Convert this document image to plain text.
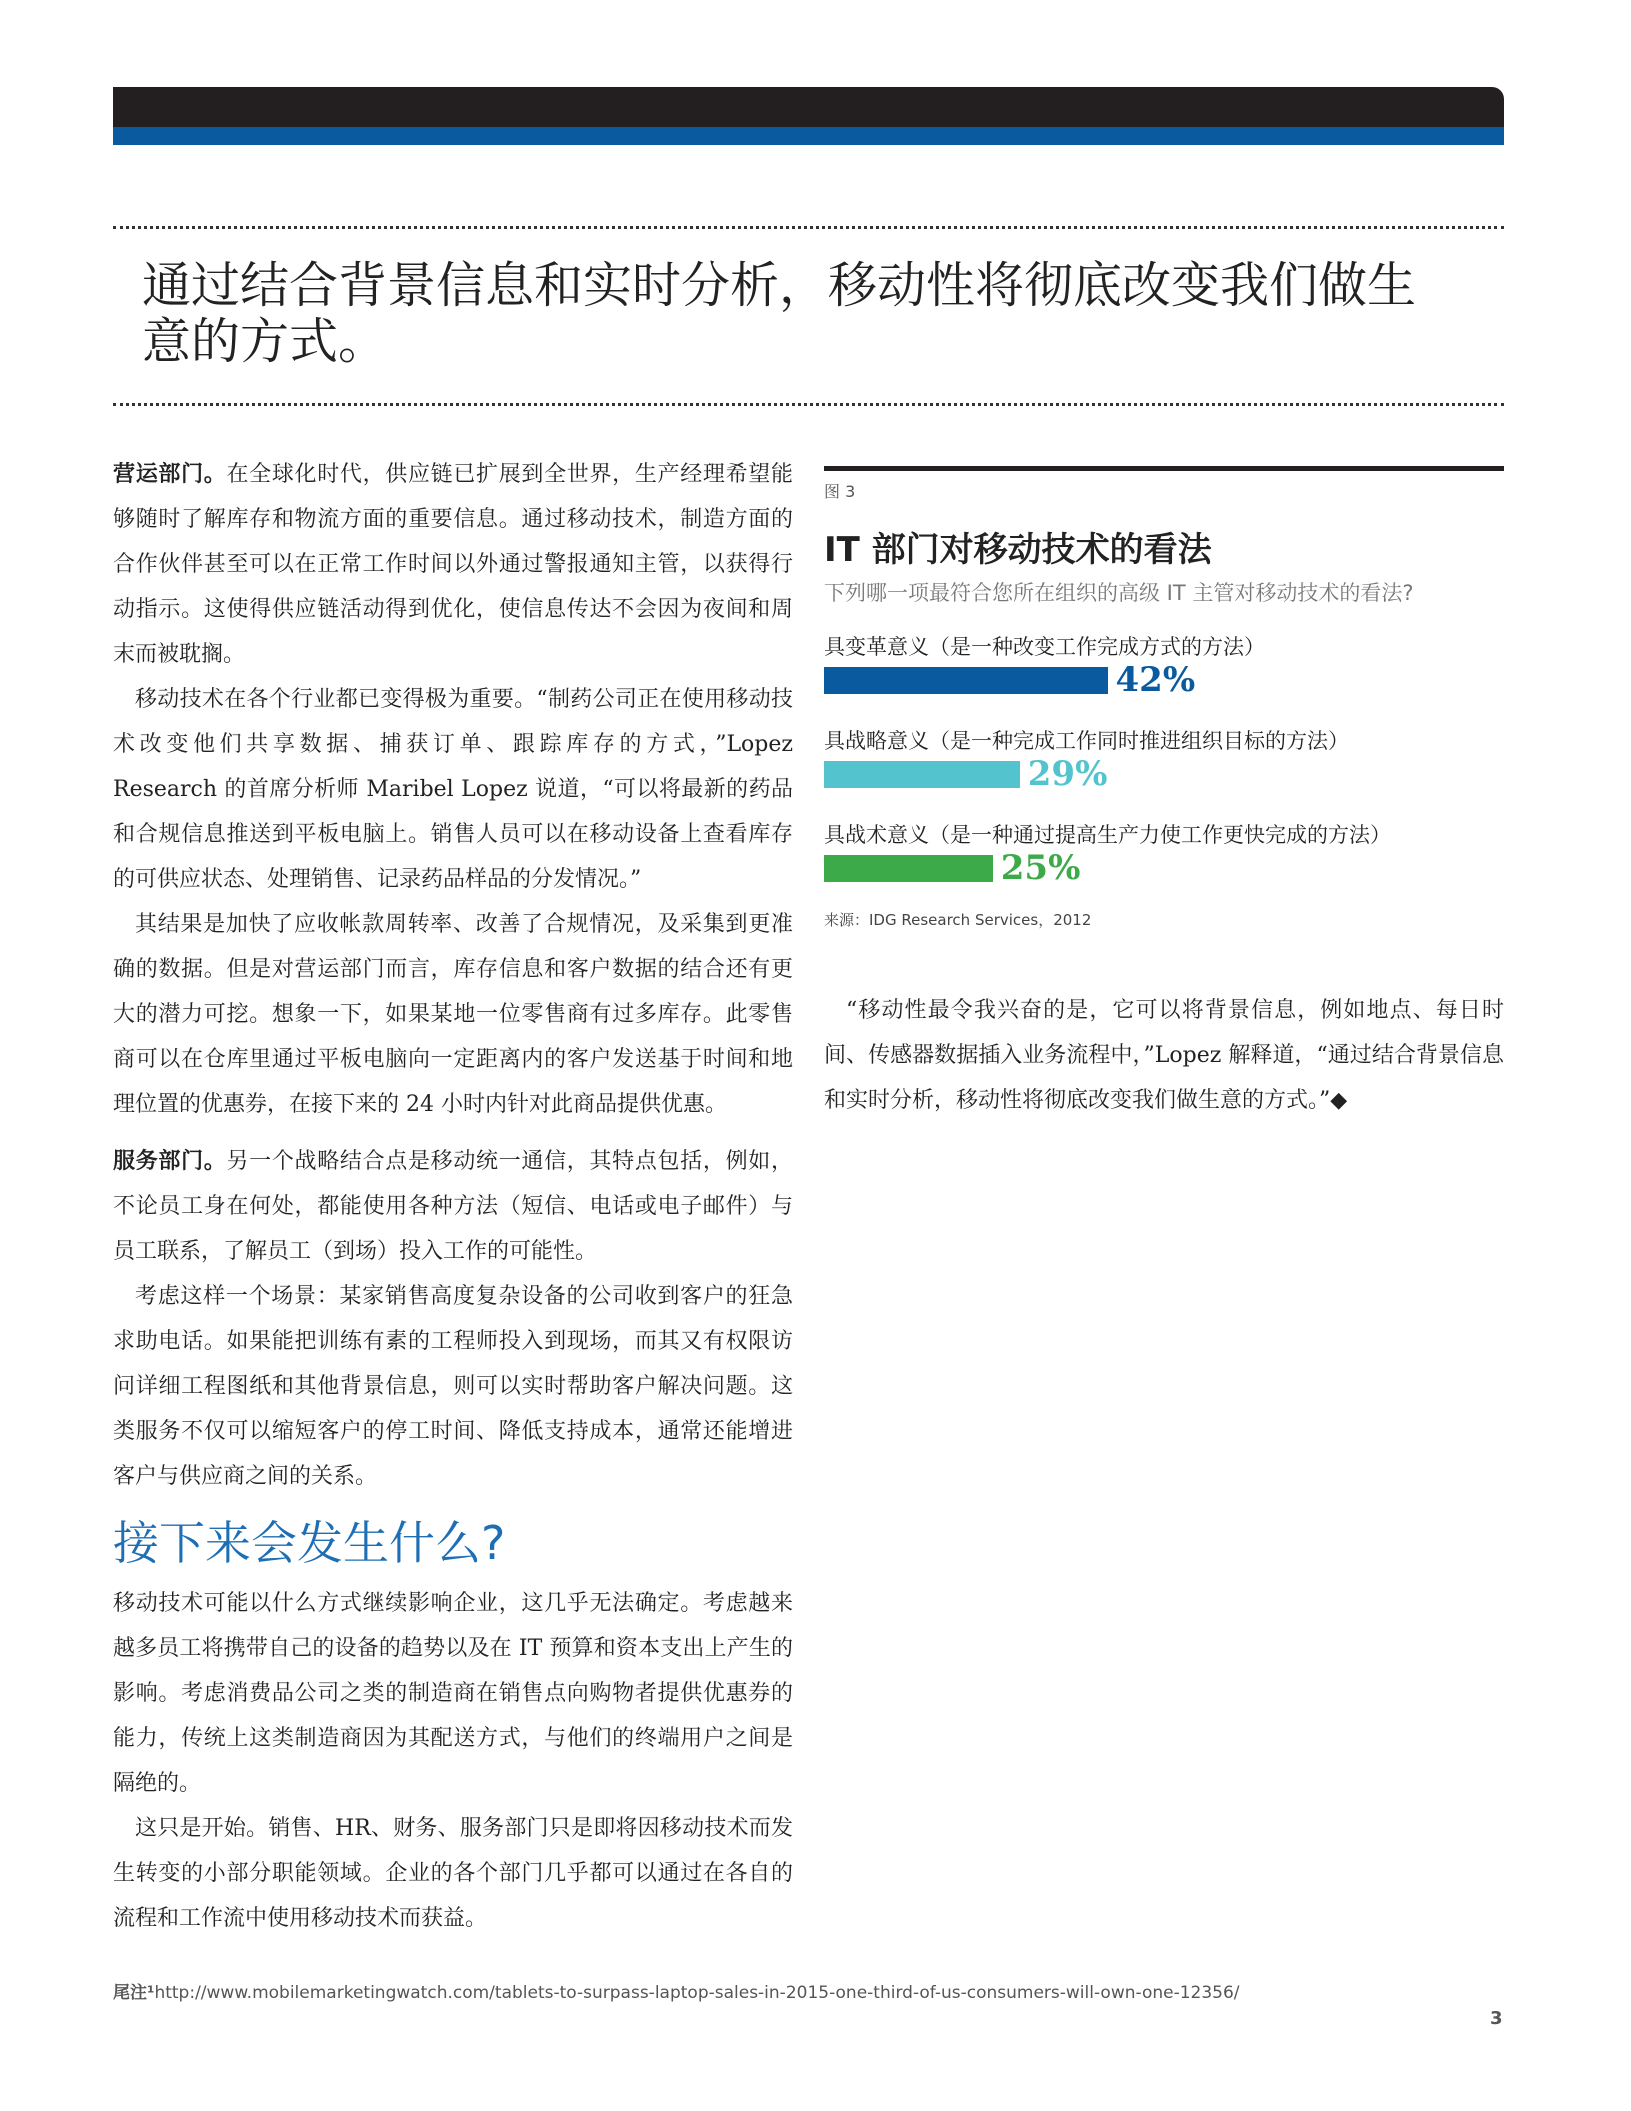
通过结合背景信息和实时分析，移动性将彻底改变我们做生意的方式。

营运部门。在全球化时代，供应链已扩展到全世界，生产经理希望能够随时了解库存和物流方面的重要信息。通过移动技术，制造方面的合作伙伴甚至可以在正常工作时间以外通过警报通知主管，以获得行动指示。这使得供应链活动得到优化，使信息传达不会因为夜间和周末而被耽搁。

移动技术在各个行业都已变得极为重要。“制药公司正在使用移动技术改变他们共享数据、捕获订单、跟踪库存的方式，”Lopez Research 的首席分析师 Maribel Lopez 说道，“可以将最新的药品和合规信息推送到平板电脑上。销售人员可以在移动设备上查看库存的可供应状态、处理销售、记录药品样品的分发情况。”

其结果是加快了应收帐款周转率、改善了合规情况，及采集到更准确的数据。但是对营运部门而言，库存信息和客户数据的结合还有更大的潜力可挖。想象一下，如果某地一位零售商有过多库存。此零售商可以在仓库里通过平板电脑向一定距离内的客户发送基于时间和地理位置的优惠券，在接下来的 24 小时内针对此商品提供优惠。

服务部门。另一个战略结合点是移动统一通信，其特点包括，例如，不论员工身在何处，都能使用各种方法（短信、电话或电子邮件）与员工联系，了解员工（到场）投入工作的可能性。

考虑这样一个场景：某家销售高度复杂设备的公司收到客户的狂急求助电话。如果能把训练有素的工程师投入到现场，而其又有权限访问详细工程图纸和其他背景信息，则可以实时帮助客户解决问题。这类服务不仅可以缩短客户的停工时间、降低支持成本，通常还能增进客户与供应商之间的关系。

接下来会发生什么?

移动技术可能以什么方式继续影响企业，这几乎无法确定。考虑越来越多员工将携带自己的设备的趋势以及在 IT 预算和资本支出上产生的影响。考虑消费品公司之类的制造商在销售点向购物者提供优惠券的能力，传统上这类制造商因为其配送方式，与他们的终端用户之间是隔绝的。

这只是开始。销售、HR、财务、服务部门只是即将因移动技术而发生转变的小部分职能领域。企业的各个部门几乎都可以通过在各自的流程和工作流中使用移动技术而获益。

图 3
IT 部门对移动技术的看法
下列哪一项最符合您所在组织的高级 IT 主管对移动技术的看法?
具变革意义（是一种改变工作完成方式的方法）
42%
具战略意义（是一种完成工作同时推进组织目标的方法）
29%
具战术意义（是一种通过提高生产力使工作更快完成的方法）
25%
来源：IDG Research Services，2012
“移动性最令我兴奋的是，它可以将背景信息，例如地点、每日时间、传感器数据插入业务流程中，”Lopez 解释道，“通过结合背景信息和实时分析，移动性将彻底改变我们做生意的方式。”◆
尾注¹http://www.mobilemarketingwatch.com/tablets-to-surpass-laptop-sales-in-2015-one-third-of-us-consumers-will-own-one-12356/
3
